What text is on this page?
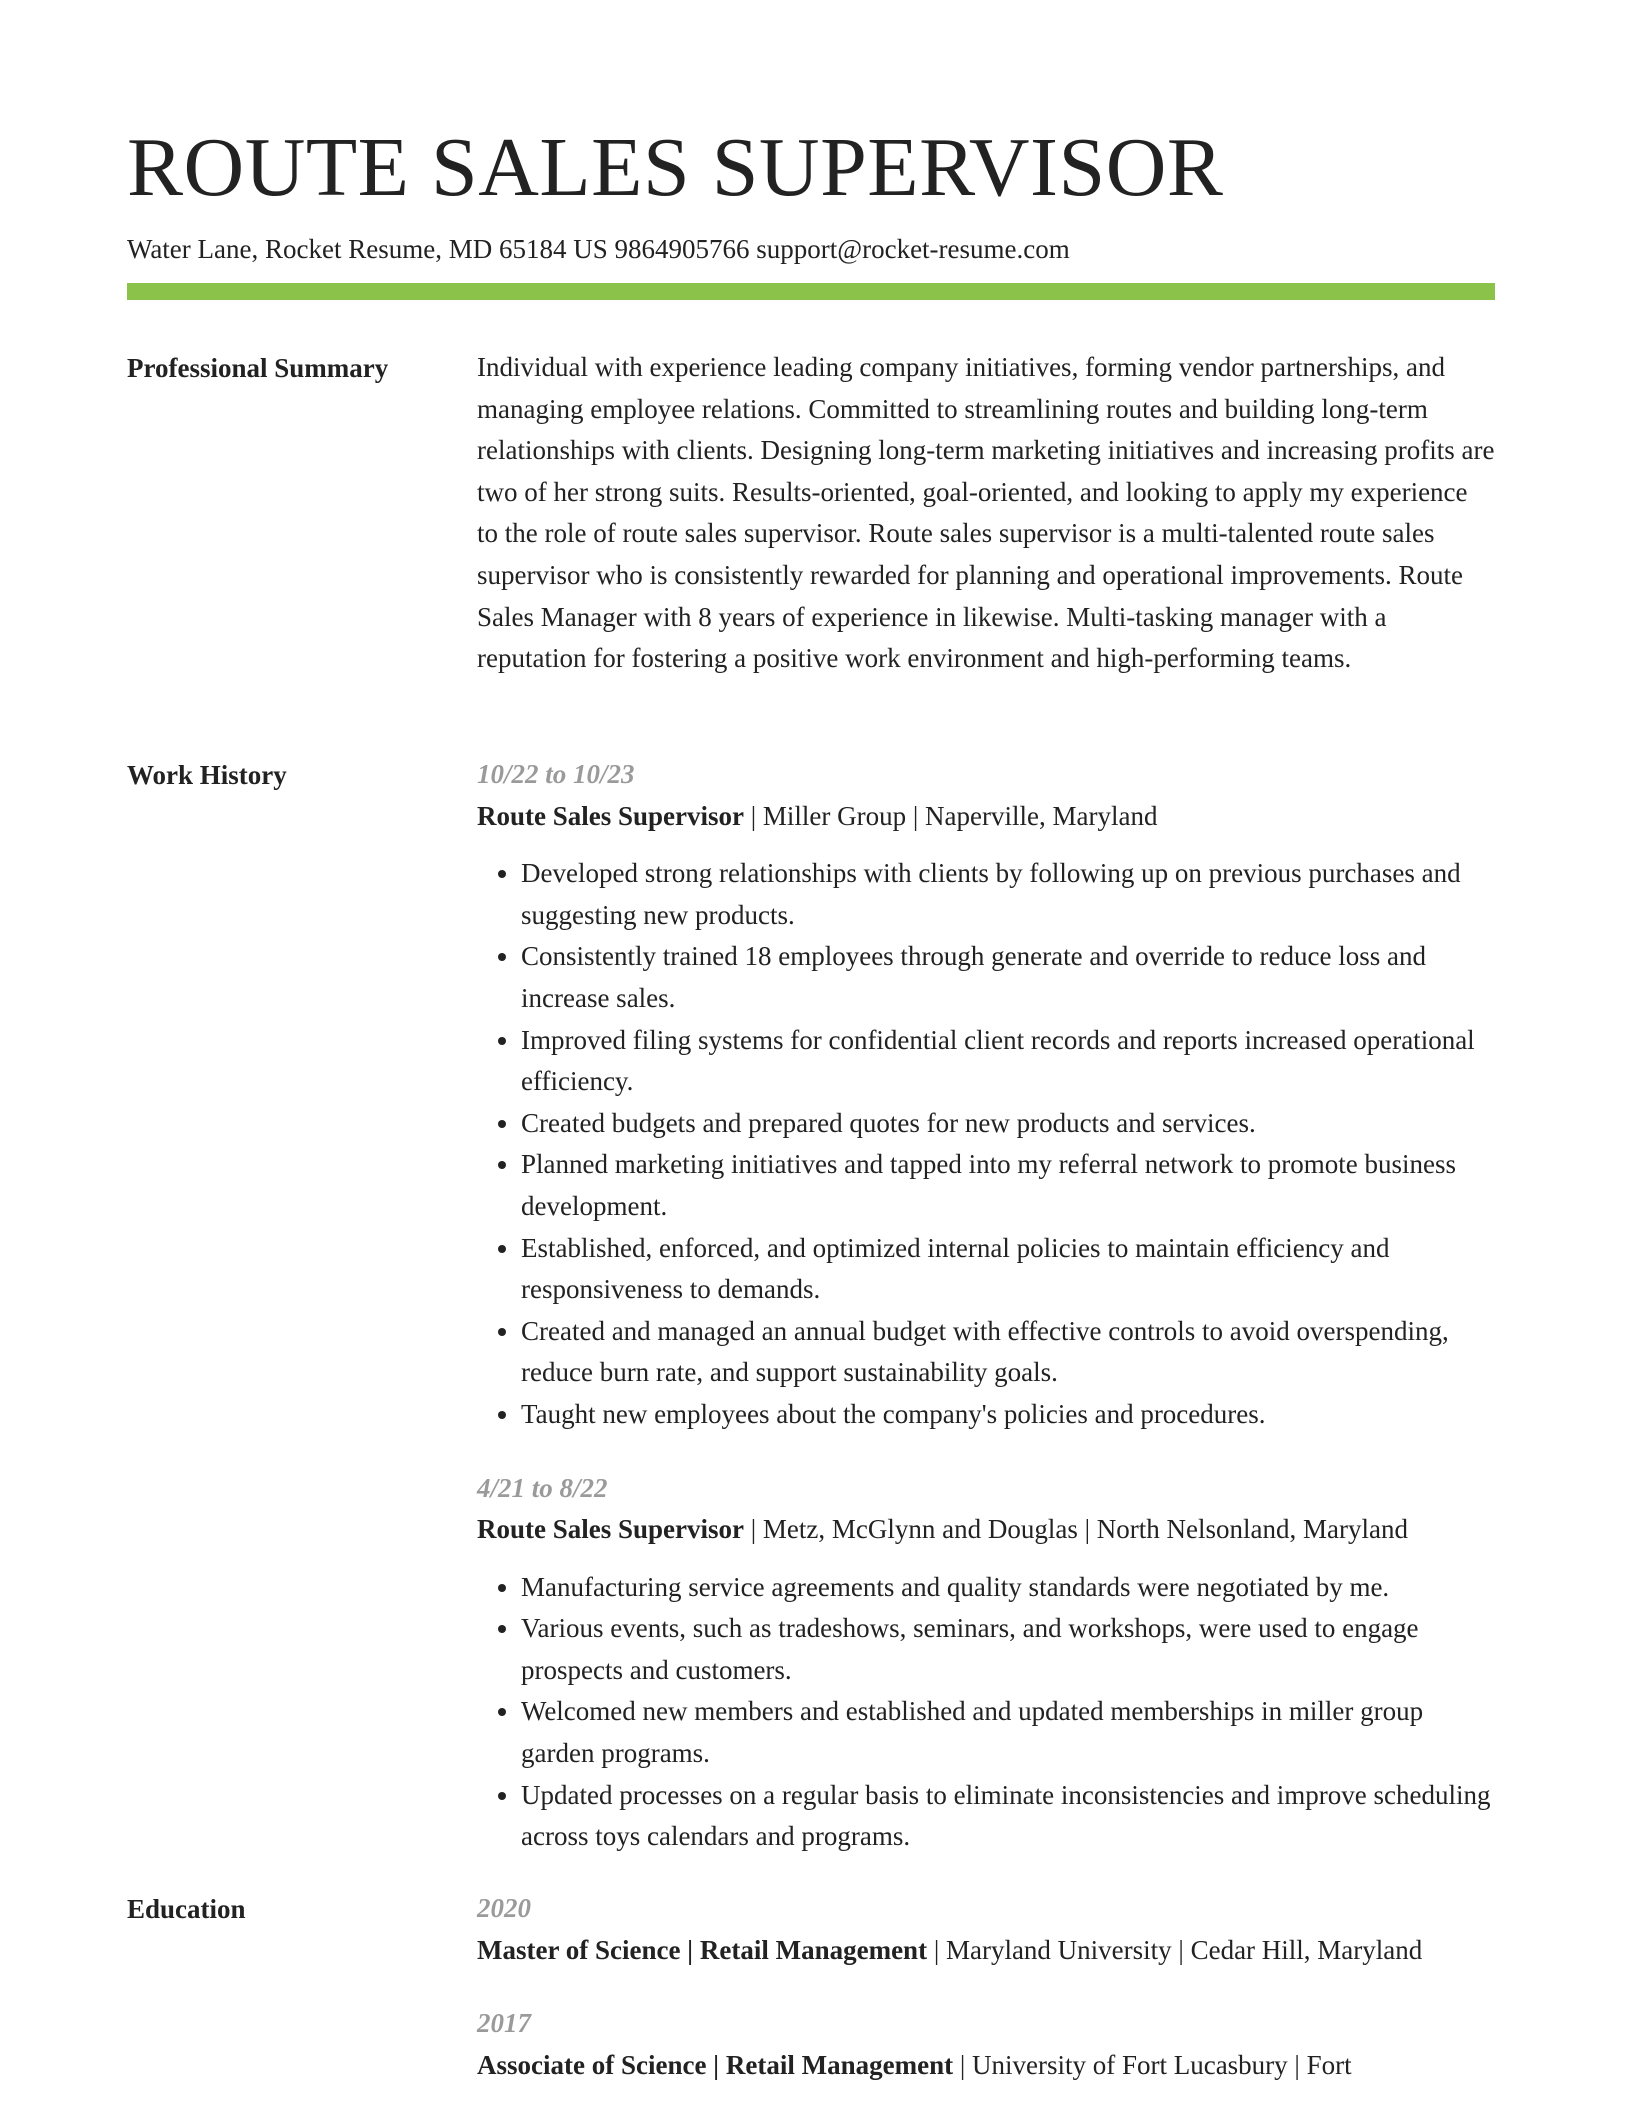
ROUTE SALES SUPERVISOR
Water Lane, Rocket Resume, MD 65184 US 9864905766 support@rocket-resume.com
Professional Summary	Individual with experience leading company initiatives, forming vendor partnerships, and managing employee relations. Committed to streamlining routes and building long-term relationships with clients. Designing long-term marketing initiatives and increasing profits are two of her strong suits. Results-oriented, goal-oriented, and looking to apply my experience to the role of route sales supervisor. Route sales supervisor is a multi-talented route sales supervisor who is consistently rewarded for planning and operational improvements. Route Sales Manager with 8 years of experience in likewise. Multi-tasking manager with a reputation for fostering a positive work environment and high-performing teams.

Work History	10/22 to 10/23

Route Sales Supervisor | Miller Group | Naperville, Maryland

• Developed strong relationships with clients by following up on previous purchases and suggesting new products.
• Consistently trained 18 employees through generate and override to reduce loss and increase sales.
• Improved filing systems for confidential client records and reports increased operational efficiency.
• Created budgets and prepared quotes for new products and services.
• Planned marketing initiatives and tapped into my referral network to promote business development.
• Established, enforced, and optimized internal policies to maintain efficiency and responsiveness to demands.
• Created and managed an annual budget with effective controls to avoid overspending, reduce burn rate, and support sustainability goals.
• Taught new employees about the company's policies and procedures.

4/21 to 8/22

Route Sales Supervisor | Metz, McGlynn and Douglas | North Nelsonland, Maryland

• Manufacturing service agreements and quality standards were negotiated by me.
• Various events, such as tradeshows, seminars, and workshops, were used to engage prospects and customers.
• Welcomed new members and established and updated memberships in miller group garden programs.
• Updated processes on a regular basis to eliminate inconsistencies and improve scheduling across toys calendars and programs.
Education	2020

Master of Science | Retail Management | Maryland University | Cedar Hill, Maryland

2017

Associate of Science | Retail Management | University of Fort Lucasbury | Fort
